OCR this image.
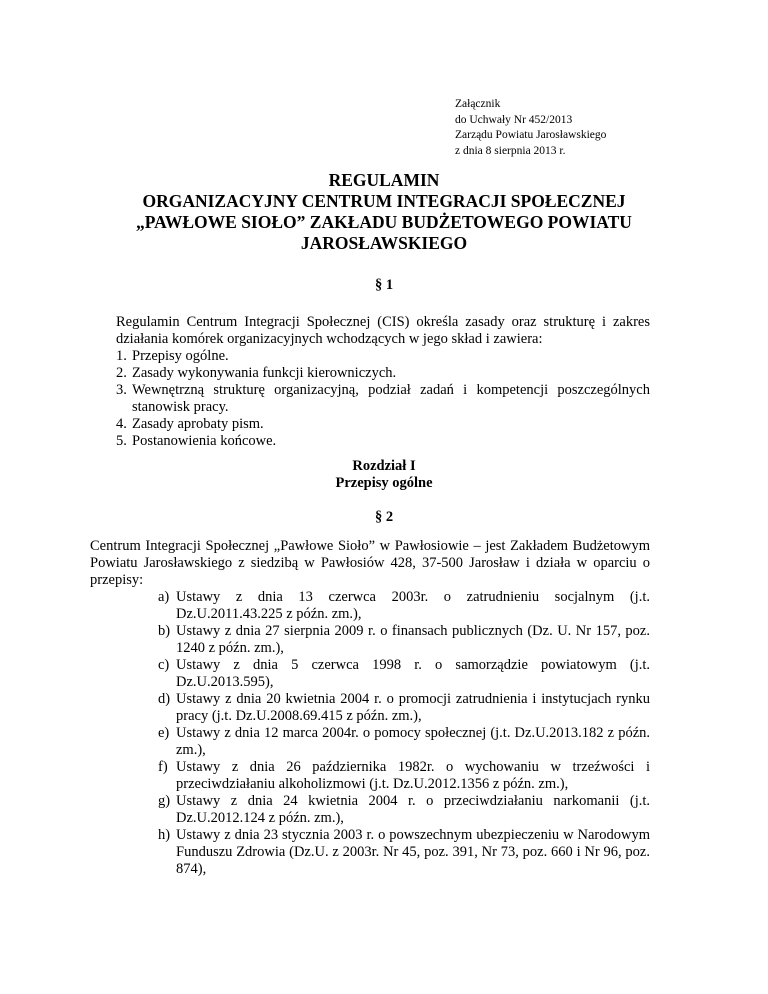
Załącznik
do Uchwały Nr 452/2013
Zarządu Powiatu Jarosławskiego
z dnia 8 sierpnia 2013 r.
REGULAMIN
ORGANIZACYJNY CENTRUM INTEGRACJI SPOŁECZNEJ
„PAWŁOWE SIOŁO” ZAKŁADU BUDŻETOWEGO POWIATU
JAROSŁAWSKIEGO
§ 1
Regulamin Centrum Integracji Społecznej (CIS) określa zasady oraz strukturę i zakres działania komórek organizacyjnych wchodzących w jego skład i zawiera:
1. Przepisy ogólne.
2. Zasady wykonywania funkcji kierowniczych.
3. Wewnętrzną strukturę organizacyjną, podział zadań i kompetencji poszczególnych stanowisk pracy.
4. Zasady aprobaty pism.
5. Postanowienia końcowe.
Rozdział I
Przepisy ogólne
§ 2
Centrum Integracji Społecznej „Pawłowe Sioło” w Pawłosiowie – jest Zakładem Budżetowym Powiatu Jarosławskiego z siedzibą w Pawłosiów 428, 37-500 Jarosław i działa w oparciu o przepisy:
a) Ustawy z dnia 13 czerwca 2003r. o zatrudnieniu socjalnym (j.t. Dz.U.2011.43.225 z późn. zm.),
b) Ustawy z dnia 27 sierpnia 2009 r. o finansach publicznych (Dz. U. Nr 157, poz. 1240 z późn. zm.),
c) Ustawy z dnia 5 czerwca 1998 r. o samorządzie powiatowym (j.t. Dz.U.2013.595),
d) Ustawy z dnia 20 kwietnia 2004 r. o promocji zatrudnienia i instytucjach rynku pracy (j.t. Dz.U.2008.69.415 z późn. zm.),
e) Ustawy z dnia 12 marca 2004r. o pomocy społecznej (j.t. Dz.U.2013.182 z późn. zm.),
f) Ustawy z dnia 26 października 1982r. o wychowaniu w trzeźwości i przeciwdziałaniu alkoholizmowi (j.t. Dz.U.2012.1356 z późn. zm.),
g) Ustawy z dnia 24 kwietnia 2004 r. o przeciwdziałaniu narkomanii (j.t. Dz.U.2012.124 z późn. zm.),
h) Ustawy z dnia 23 stycznia 2003 r. o powszechnym ubezpieczeniu w Narodowym Funduszu Zdrowia (Dz.U. z 2003r. Nr 45, poz. 391, Nr 73, poz. 660 i Nr 96, poz. 874),
